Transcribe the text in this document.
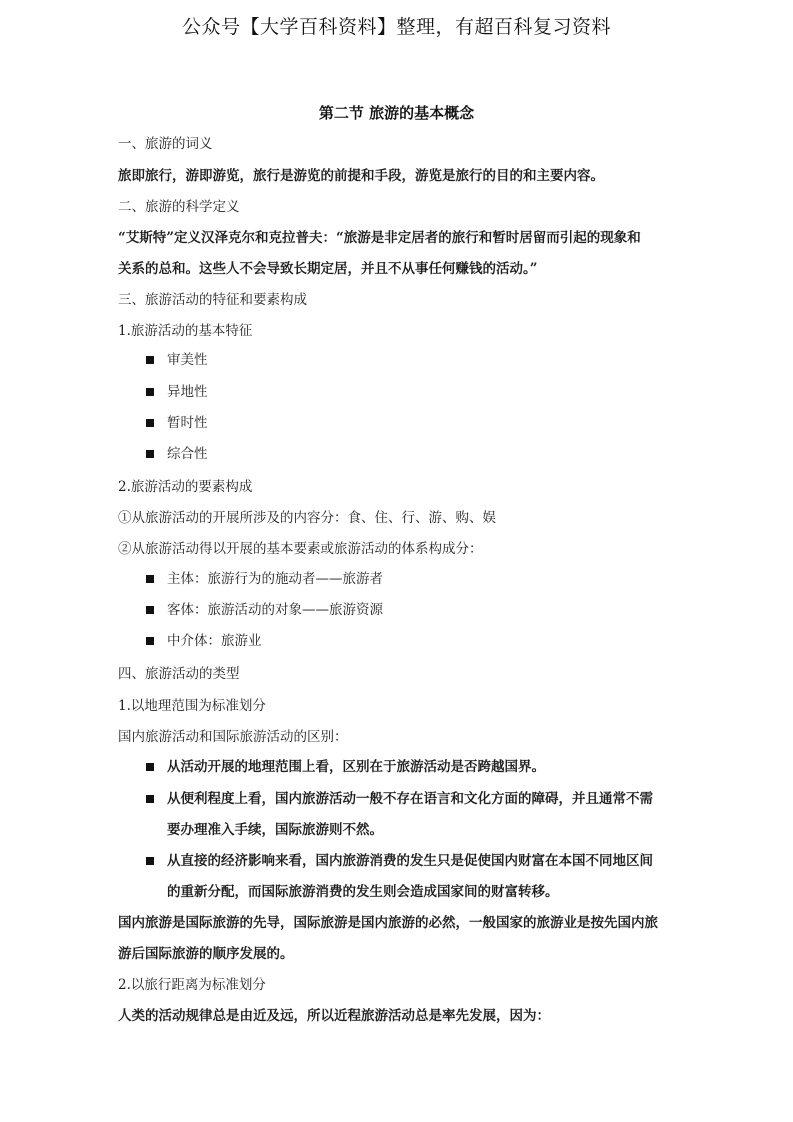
公众号【大学百科资料】整理，有超百科复习资料
第二节 旅游的基本概念
一、旅游的词义
旅即旅行，游即游览，旅行是游览的前提和手段，游览是旅行的目的和主要内容。
二、旅游的科学定义
“艾斯特”定义汉泽克尔和克拉普夫：“旅游是非定居者的旅行和暂时居留而引起的现象和
关系的总和。这些人不会导致长期定居，并且不从事任何赚钱的活动。”
三、旅游活动的特征和要素构成
1.旅游活动的基本特征
审美性
异地性
暂时性
综合性
2.旅游活动的要素构成
①从旅游活动的开展所涉及的内容分：食、住、行、游、购、娱
②从旅游活动得以开展的基本要素或旅游活动的体系构成分：
主体：旅游行为的施动者——旅游者
客体：旅游活动的对象——旅游资源
中介体：旅游业
四、旅游活动的类型
1.以地理范围为标准划分
国内旅游活动和国际旅游活动的区别：
从活动开展的地理范围上看，区别在于旅游活动是否跨越国界。
从便利程度上看，国内旅游活动一般不存在语言和文化方面的障碍，并且通常不需
要办理准入手续，国际旅游则不然。
从直接的经济影响来看，国内旅游消费的发生只是促使国内财富在本国不同地区间
的重新分配，而国际旅游消费的发生则会造成国家间的财富转移。
国内旅游是国际旅游的先导，国际旅游是国内旅游的必然，一般国家的旅游业是按先国内旅
游后国际旅游的顺序发展的。
2.以旅行距离为标准划分
人类的活动规律总是由近及远，所以近程旅游活动总是率先发展，因为：
